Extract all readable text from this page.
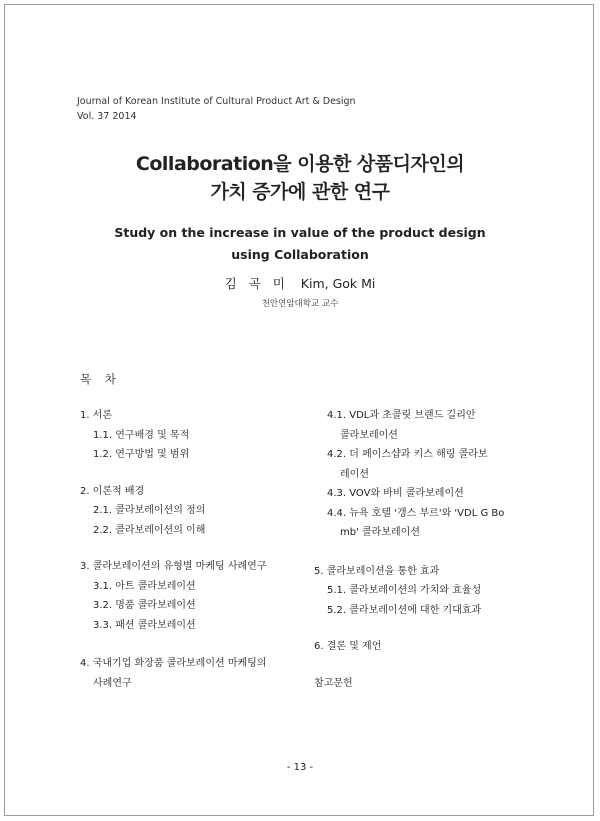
Journal of Korean Institute of Cultural Product Art & Design
Vol. 37 2014
Collaboration을 이용한 상품디자인의
가치 증가에 관한 연구
Study on the increase in value of the product design
using Collaboration
김 곡 미 Kim, Gok Mi
천안연암대학교 교수
목 차
1. 서론
1.1. 연구배경 및 목적
1.2. 연구방법 및 범위
2. 이론적 배경
2.1. 콜라보레이션의 정의
2.2. 콜라보레이션의 이해
3. 콜라보레이션의 유형별 마케팅 사례연구
3.1. 아트 콜라보레이션
3.2. 명품 콜라보레이션
3.3. 패션 콜라보레이션
4. 국내기업 화장품 콜라보레이션 마케팅의
사례연구
4.1. VDL과 초콜릿 브랜드 길리안
콜라보레이션
4.2. 더 페이스샵과 키스 해링 콜라보
레이션
4.3. VOV와 바비 콜라보레이션
4.4. 뉴욕 호텔 '갱스 부르'와 'VDL G Bo
mb' 콜라보레이션
5. 콜라보레이션을 통한 효과
5.1. 콜라보레이션의 가치와 효율성
5.2. 콜라보레이션에 대한 기대효과
6. 결론 및 제언
참고문헌
- 13 -
